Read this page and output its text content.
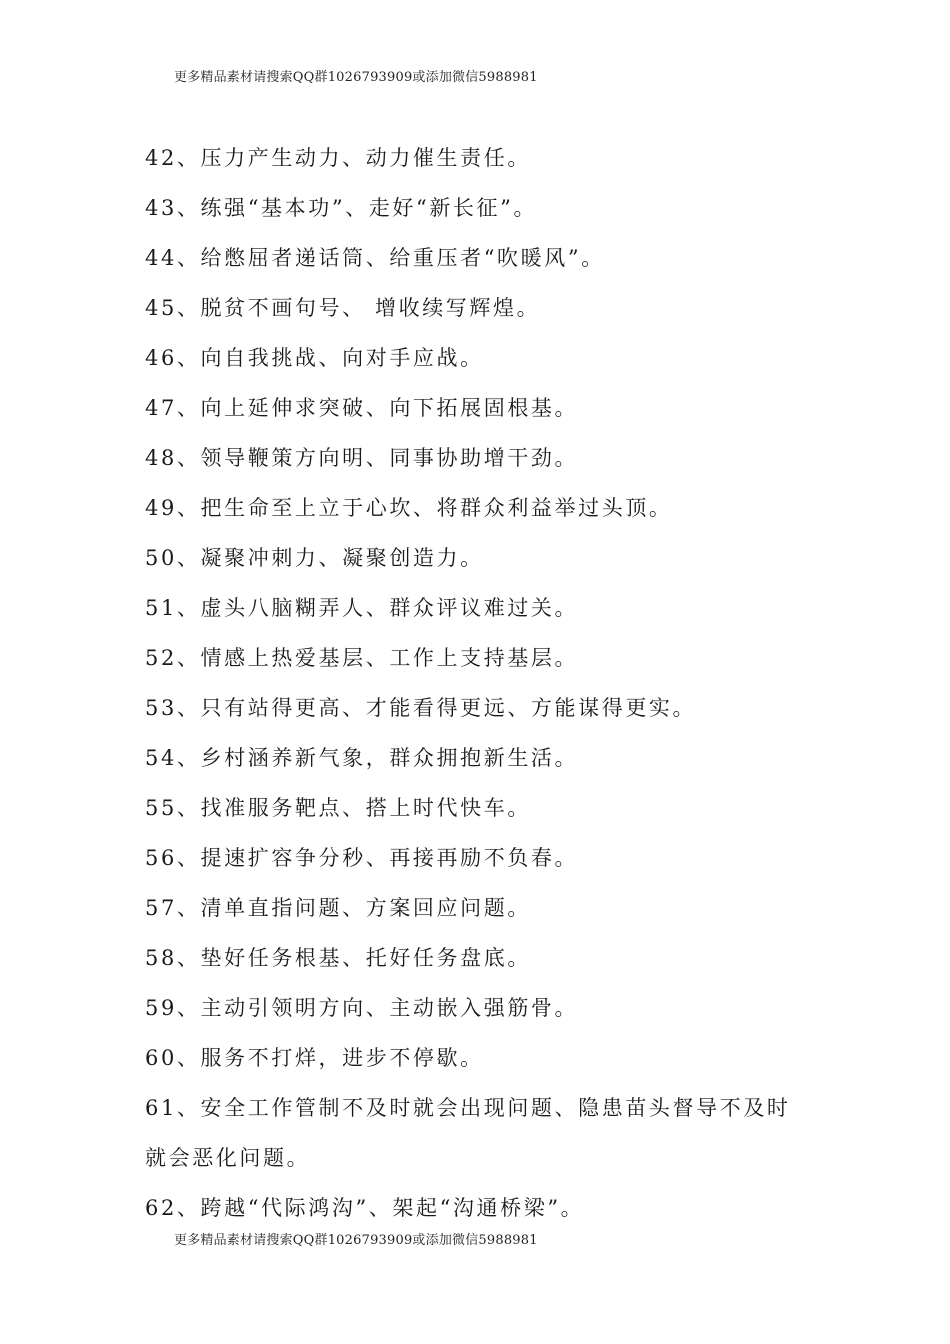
更多精品素材请搜索QQ群1026793909或添加微信5988981
42、压力产生动力、动力催生责任。
43、练强“基本功”、走好“新长征”。
44、给憋屈者递话筒、给重压者“吹暖风”。
45、脱贫不画句号、 增收续写辉煌。
46、向自我挑战、向对手应战。
47、向上延伸求突破、向下拓展固根基。
48、领导鞭策方向明、同事协助增干劲。
49、把生命至上立于心坎、将群众利益举过头顶。
50、凝聚冲刺力、凝聚创造力。
51、虚头八脑糊弄人、群众评议难过关。
52、情感上热爱基层、工作上支持基层。
53、只有站得更高、才能看得更远、方能谋得更实。
54、乡村涵养新气象，群众拥抱新生活。
55、找准服务靶点、搭上时代快车。
56、提速扩容争分秒、再接再励不负春。
57、清单直指问题、方案回应问题。
58、垫好任务根基、托好任务盘底。
59、主动引领明方向、主动嵌入强筋骨。
60、服务不打烊，进步不停歇。
61、安全工作管制不及时就会出现问题、隐患苗头督导不及时就会恶化问题。
62、跨越“代际鸿沟”、架起“沟通桥梁”。
更多精品素材请搜索QQ群1026793909或添加微信5988981
